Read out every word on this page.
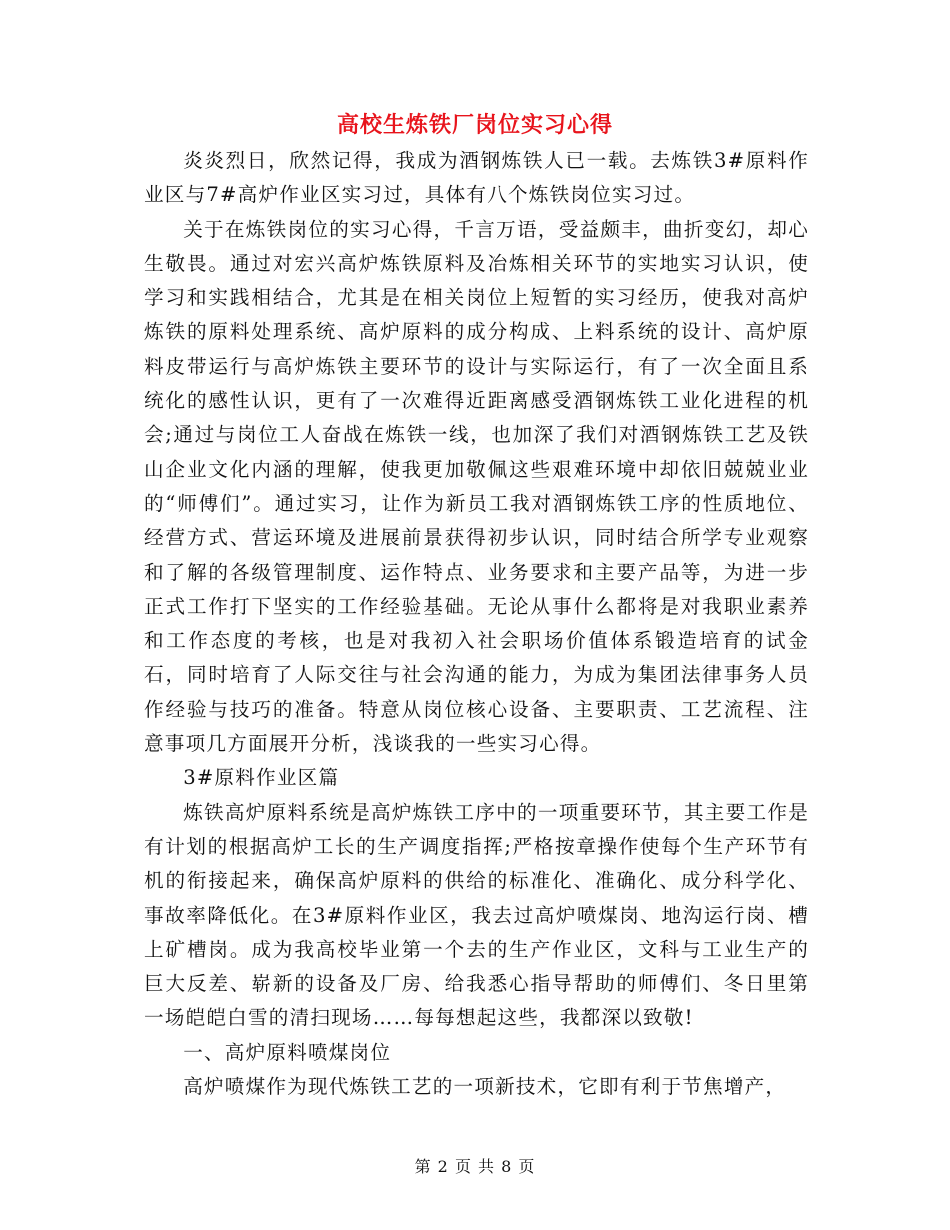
高校生炼铁厂岗位实习心得

炎炎烈日，欣然记得，我成为酒钢炼铁人已一载。去炼铁3#原料作业区与7#高炉作业区实习过，具体有八个炼铁岗位实习过。

关于在炼铁岗位的实习心得，千言万语，受益颇丰，曲折变幻，却心生敬畏。通过对宏兴高炉炼铁原料及冶炼相关环节的实地实习认识，使学习和实践相结合，尤其是在相关岗位上短暂的实习经历，使我对高炉炼铁的原料处理系统、高炉原料的成分构成、上料系统的设计、高炉原料皮带运行与高炉炼铁主要环节的设计与实际运行，有了一次全面且系统化的感性认识，更有了一次难得近距离感受酒钢炼铁工业化进程的机会;通过与岗位工人奋战在炼铁一线，也加深了我们对酒钢炼铁工艺及铁山企业文化内涵的理解，使我更加敬佩这些艰难环境中却依旧兢兢业业的“师傅们”。通过实习，让作为新员工我对酒钢炼铁工序的性质地位、经营方式、营运环境及进展前景获得初步认识，同时结合所学专业观察和了解的各级管理制度、运作特点、业务要求和主要产品等，为进一步正式工作打下坚实的工作经验基础。无论从事什么都将是对我职业素养和工作态度的考核，也是对我初入社会职场价值体系锻造培育的试金石，同时培育了人际交往与社会沟通的能力，为成为集团法律事务人员作经验与技巧的准备。特意从岗位核心设备、主要职责、工艺流程、注意事项几方面展开分析，浅谈我的一些实习心得。

3#原料作业区篇

炼铁高炉原料系统是高炉炼铁工序中的一项重要环节，其主要工作是有计划的根据高炉工长的生产调度指挥;严格按章操作使每个生产环节有机的衔接起来，确保高炉原料的供给的标准化、准确化、成分科学化、事故率降低化。在3#原料作业区，我去过高炉喷煤岗、地沟运行岗、槽上矿槽岗。成为我高校毕业第一个去的生产作业区，文科与工业生产的巨大反差、崭新的设备及厂房、给我悉心指导帮助的师傅们、冬日里第一场皑皑白雪的清扫现场……每每想起这些，我都深以致敬!

一、高炉原料喷煤岗位

高炉喷煤作为现代炼铁工艺的一项新技术，它即有利于节焦增产，

第 2 页 共 8 页
